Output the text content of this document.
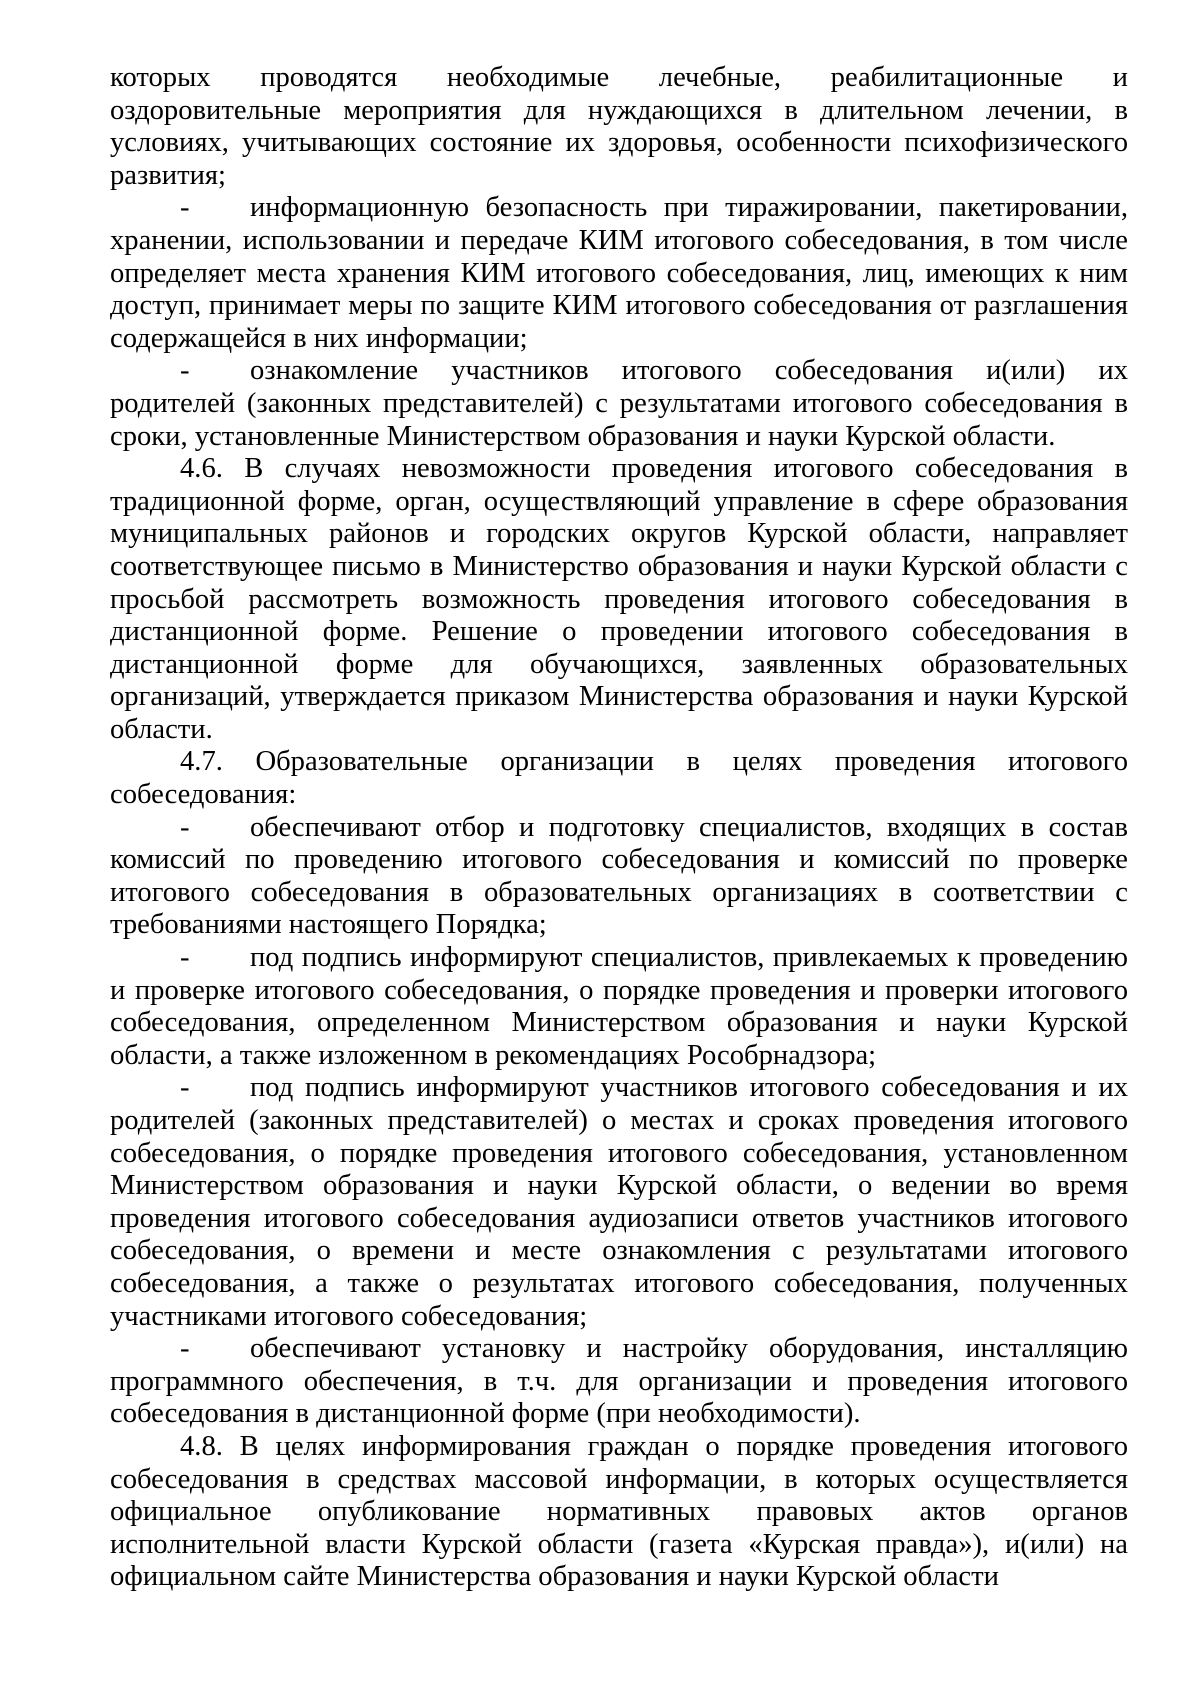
которых проводятся необходимые лечебные, реабилитационные и оздоровительные мероприятия для нуждающихся в длительном лечении, в условиях, учитывающих состояние их здоровья, особенности психофизического развития;

- информационную безопасность при тиражировании, пакетировании, хранении, использовании и передаче КИМ итогового собеседования, в том числе определяет места хранения КИМ итогового собеседования, лиц, имеющих к ним доступ, принимает меры по защите КИМ итогового собеседования от разглашения содержащейся в них информации;

- ознакомление участников итогового собеседования и(или) их родителей (законных представителей) с результатами итогового собеседования в сроки, установленные Министерством образования и науки Курской области.

4.6. В случаях невозможности проведения итогового собеседования в традиционной форме, орган, осуществляющий управление в сфере образования муниципальных районов и городских округов Курской области, направляет соответствующее письмо в Министерство образования и науки Курской области с просьбой рассмотреть возможность проведения итогового собеседования в дистанционной форме. Решение о проведении итогового собеседования в дистанционной форме для обучающихся, заявленных образовательных организаций, утверждается приказом Министерства образования и науки Курской области.

4.7. Образовательные организации в целях проведения итогового собеседования:

- обеспечивают отбор и подготовку специалистов, входящих в состав комиссий по проведению итогового собеседования и комиссий по проверке итогового собеседования в образовательных организациях в соответствии с требованиями настоящего Порядка;

- под подпись информируют специалистов, привлекаемых к проведению и проверке итогового собеседования, о порядке проведения и проверки итогового собеседования, определенном Министерством образования и науки Курской области, а также изложенном в рекомендациях Рособрнадзора;

- под подпись информируют участников итогового собеседования и их родителей (законных представителей) о местах и сроках проведения итогового собеседования, о порядке проведения итогового собеседования, установленном Министерством образования и науки Курской области, о ведении во время проведения итогового собеседования аудиозаписи ответов участников итогового собеседования, о времени и месте ознакомления с результатами итогового собеседования, а также о результатах итогового собеседования, полученных участниками итогового собеседования;

- обеспечивают установку и настройку оборудования, инсталляцию программного обеспечения, в т.ч. для организации и проведения итогового собеседования в дистанционной форме (при необходимости).

4.8. В целях информирования граждан о порядке проведения итогового собеседования в средствах массовой информации, в которых осуществляется официальное опубликование нормативных правовых актов органов исполнительной власти Курской области (газета «Курская правда»), и(или) на официальном сайте Министерства образования и науки Курской области
